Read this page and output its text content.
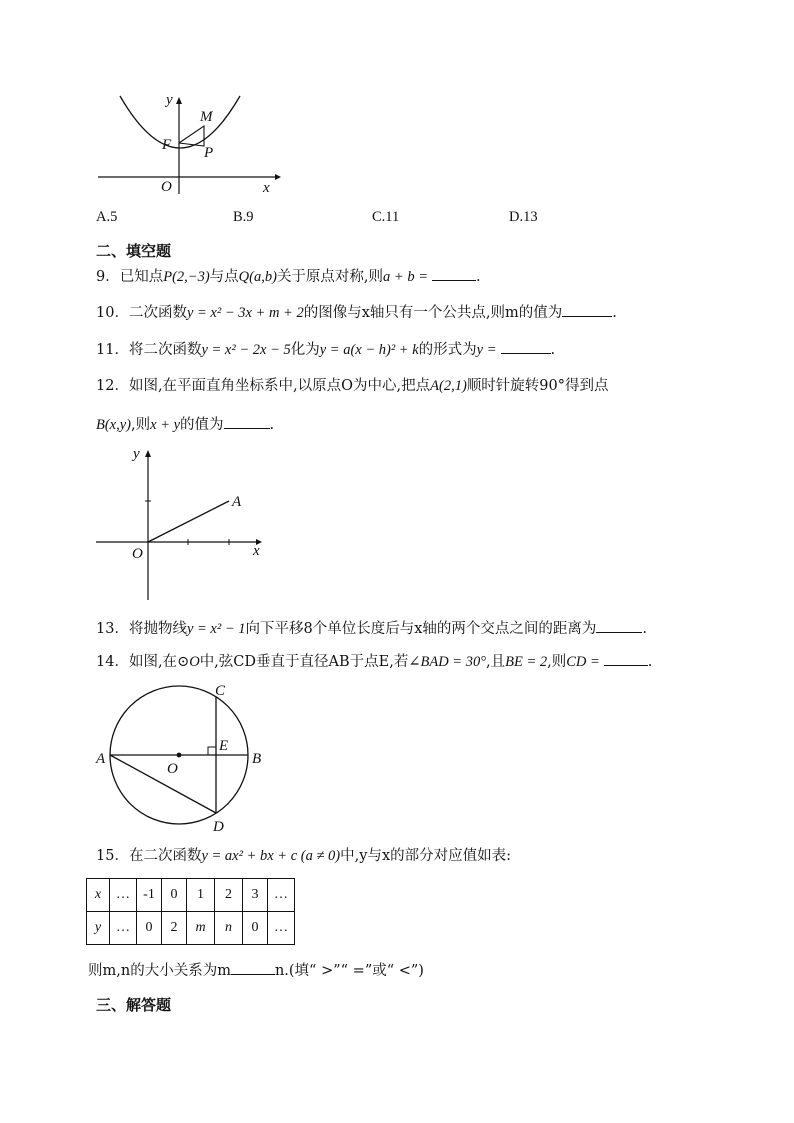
y
M
F P
O	x
A.5	B.9	C.11	D.13
二、填空题
9．已知点P(2,−3)与点Q(a,b)关于原点对称,则a + b =	.
10．二次函数y = x² − 3x + m + 2的图像与x轴只有一个公共点,则m的值为	.
11．将二次函数y = x² − 2x − 5化为y = a(x − h)² + k的形式为y =	.
12．如图,在平面直角坐标系中,以原点O为中心,把点A(2,1)顺时针旋转90°得到点
B(x,y),则x + y的值为	.
y
A
O	x
13．将抛物线y = x² − 1向下平移8个单位长度后与x轴的两个交点之间的距离为	.
14．如图,在⊙O中,弦CD垂直于直径AB于点E,若∠BAD = 30°,且BE = 2,则CD =	.
C
E
A
O
B
D
15．在二次函数y = ax² + bx + c (a ≠ 0)中,y与x的部分对应值如表:
x	…	-1	0	1	2	3	…
y	…	0	2	m	n	0	…
则m,n的大小关系为m	n.(填“ >”“ =”或“ <”)
三、解答题
